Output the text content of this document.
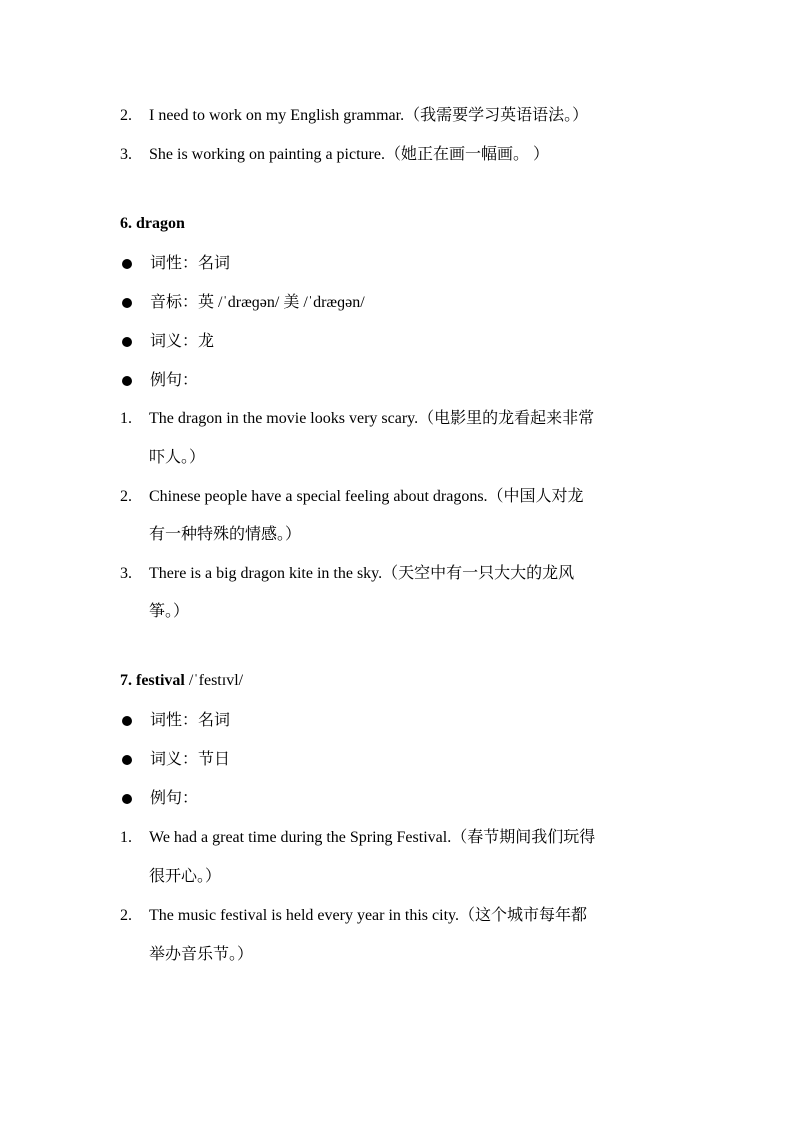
2. I need to work on my English grammar.（我需要学习英语语法。）
3. She is working on painting a picture.（她正在画一幅画。 ）
6. dragon
词性：名词
音标：英 /ˈdræɡən/ 美 /ˈdræɡən/
词义：龙
例句：
1. The dragon in the movie looks very scary.（电影里的龙看起来非常
吓人。）
2. Chinese people have a special feeling about dragons.（中国人对龙
有一种特殊的情感。）
3. There is a big dragon kite in the sky.（天空中有一只大大的龙风
筝。）
7. festival /ˈfestɪvl/
词性：名词
词义：节日
例句：
1. We had a great time during the Spring Festival.（春节期间我们玩得
很开心。）
2. The music festival is held every year in this city.（这个城市每年都
举办音乐节。）
